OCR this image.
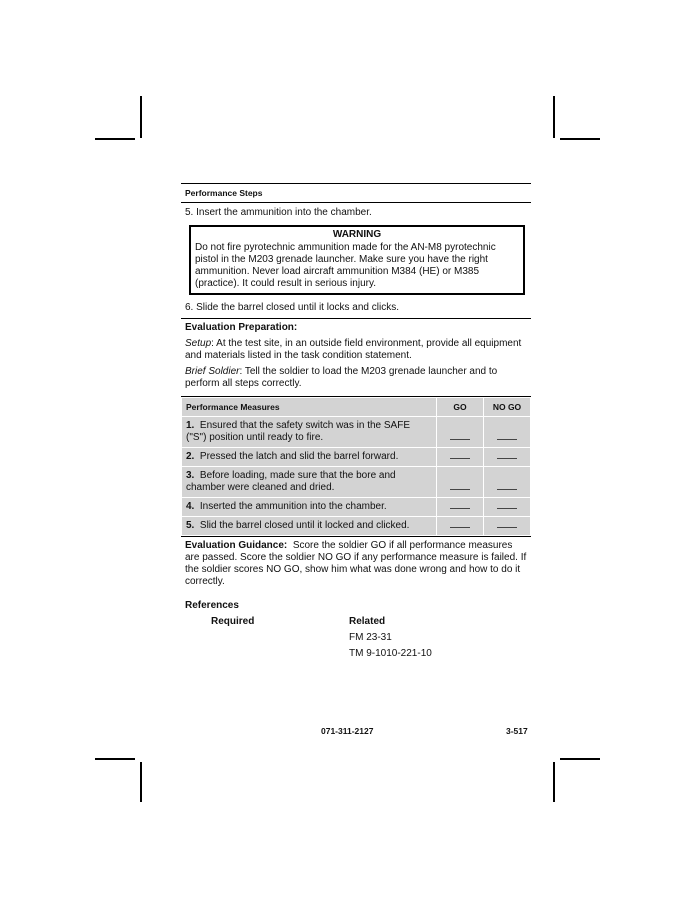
Performance Steps
5. Insert the ammunition into the chamber.
WARNING
Do not fire pyrotechnic ammunition made for the AN-M8 pyrotechnic pistol in the M203 grenade launcher. Make sure you have the right ammunition. Never load aircraft ammunition M384 (HE) or M385 (practice). It could result in serious injury.
6. Slide the barrel closed until it locks and clicks.
Evaluation Preparation:
Setup: At the test site, in an outside field environment, provide all equipment and materials listed in the task condition statement.
Brief Soldier: Tell the soldier to load the M203 grenade launcher and to perform all steps correctly.
Performance Measures	GO	NO GO
1. Ensured that the safety switch was in the SAFE ("S") position until ready to fire.		
2. Pressed the latch and slid the barrel forward.		
3. Before loading, made sure that the bore and chamber were cleaned and dried.		
4. Inserted the ammunition into the chamber.		
5. Slid the barrel closed until it locked and clicked.		
Evaluation Guidance: Score the soldier GO if all performance measures are passed. Score the soldier NO GO if any performance measure is failed. If the soldier scores NO GO, show him what was done wrong and how to do it correctly.
References
Required	Related
FM 23-31
TM 9-1010-221-10
071-311-2127	3-517
